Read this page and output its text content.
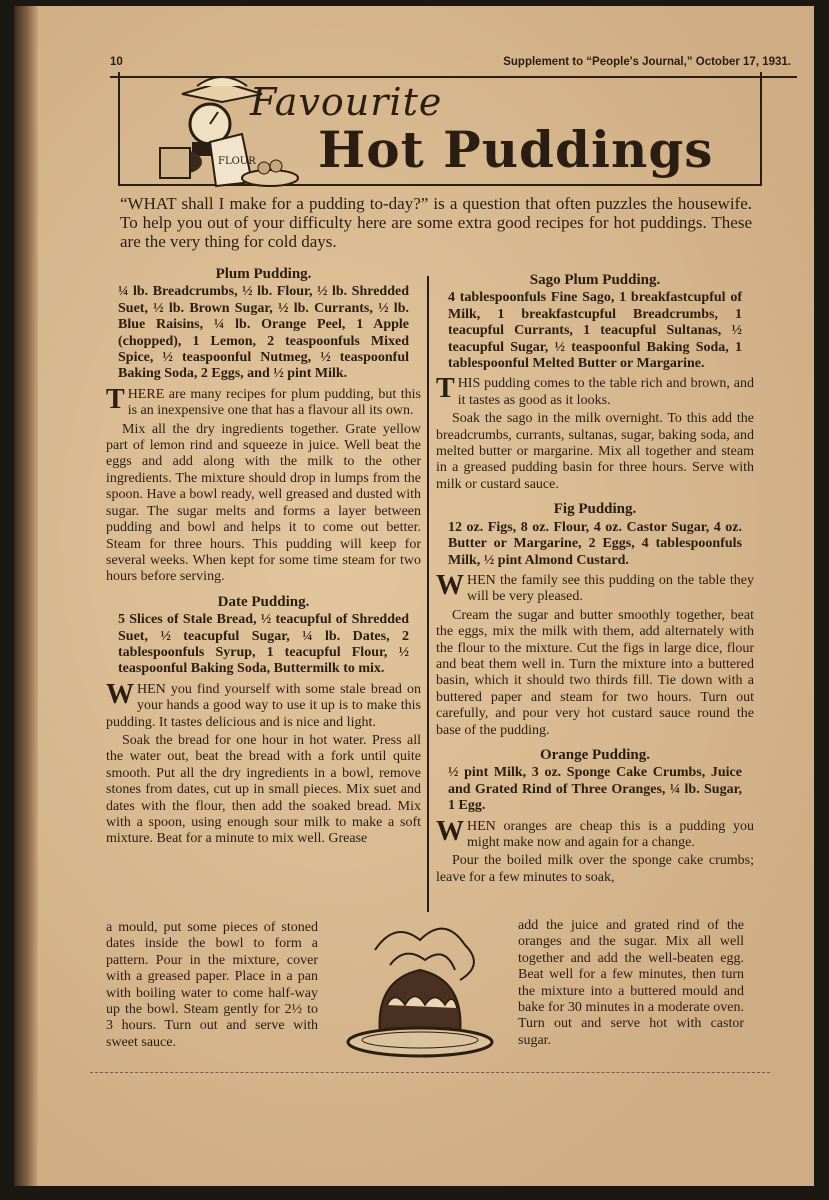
10	Supplement to “People's Journal,” October 17, 1931.
FLOUR
Favourite
Hot Puddings
“WHAT shall I make for a pudding to-day?” is a question that often puzzles the housewife. To help you out of your difficulty here are some extra good recipes for hot puddings. These are the very thing for cold days.
Plum Pudding.
¼ lb. Breadcrumbs, ½ lb. Flour, ½ lb. Shredded Suet, ½ lb. Brown Sugar, ½ lb. Currants, ½ lb. Blue Raisins, ¼ lb. Orange Peel, 1 Apple (chopped), 1 Lemon, 2 teaspoonfuls Mixed Spice, ½ teaspoonful Nutmeg, ½ teaspoonful Baking Soda, 2 Eggs, and ½ pint Milk.

THERE are many recipes for plum pudding, but this is an inexpensive one that has a flavour all its own.

Mix all the dry ingredients together. Grate yellow part of lemon rind and squeeze in juice. Well beat the eggs and add along with the milk to the other ingredients. The mixture should drop in lumps from the spoon. Have a bowl ready, well greased and dusted with sugar. The sugar melts and forms a layer between pudding and bowl and helps it to come out better. Steam for three hours. This pudding will keep for several weeks. When kept for some time steam for two hours before serving.

Date Pudding.
5 Slices of Stale Bread, ½ teacupful of Shredded Suet, ½ teacupful Sugar, ¼ lb. Dates, 2 tablespoonfuls Syrup, 1 teacupful Flour, ½ teaspoonful Baking Soda, Buttermilk to mix.

WHEN you find yourself with some stale bread on your hands a good way to use it up is to make this pudding. It tastes delicious and is nice and light.

Soak the bread for one hour in hot water. Press all the water out, beat the bread with a fork until quite smooth. Put all the dry ingredients in a bowl, remove stones from dates, cut up in small pieces. Mix suet and dates with the flour, then add the soaked bread. Mix with a spoon, using enough sour milk to make a soft mixture. Beat for a minute to mix well. Grease

a mould, put some pieces of stoned dates inside the bowl to form a pattern. Pour in the mixture, cover with a greased paper. Place in a pan with boiling water to come half-way up the bowl. Steam gently for 2½ to 3 hours. Turn out and serve with sweet sauce.
Sago Plum Pudding.
4 tablespoonfuls Fine Sago, 1 breakfastcupful of Milk, 1 breakfastcupful Breadcrumbs, 1 teacupful Currants, 1 teacupful Sultanas, ½ teacupful Sugar, ½ teaspoonful Baking Soda, 1 tablespoonful Melted Butter or Margarine.

THIS pudding comes to the table rich and brown, and it tastes as good as it looks.

Soak the sago in the milk overnight. To this add the breadcrumbs, currants, sultanas, sugar, baking soda, and melted butter or margarine. Mix all together and steam in a greased pudding basin for three hours. Serve with milk or custard sauce.

Fig Pudding.
12 oz. Figs, 8 oz. Flour, 4 oz. Castor Sugar, 4 oz. Butter or Margarine, 2 Eggs, 4 tablespoonfuls Milk, ½ pint Almond Custard.

WHEN the family see this pudding on the table they will be very pleased.

Cream the sugar and butter smoothly together, beat the eggs, mix the milk with them, add alternately with the flour to the mixture. Cut the figs in large dice, flour and beat them well in. Turn the mixture into a buttered basin, which it should two thirds fill. Tie down with a buttered paper and steam for two hours. Turn out carefully, and pour very hot custard sauce round the base of the pudding.

Orange Pudding.
½ pint Milk, 3 oz. Sponge Cake Crumbs, Juice and Grated Rind of Three Oranges, ¼ lb. Sugar, 1 Egg.

WHEN oranges are cheap this is a pudding you might make now and again for a change.

Pour the boiled milk over the sponge cake crumbs; leave for a few minutes to soak,

add the juice and grated rind of the oranges and the sugar. Mix all well together and add the well-beaten egg. Beat well for a few minutes, then turn the mixture into a buttered mould and bake for 30 minutes in a moderate oven. Turn out and serve hot with castor sugar.
